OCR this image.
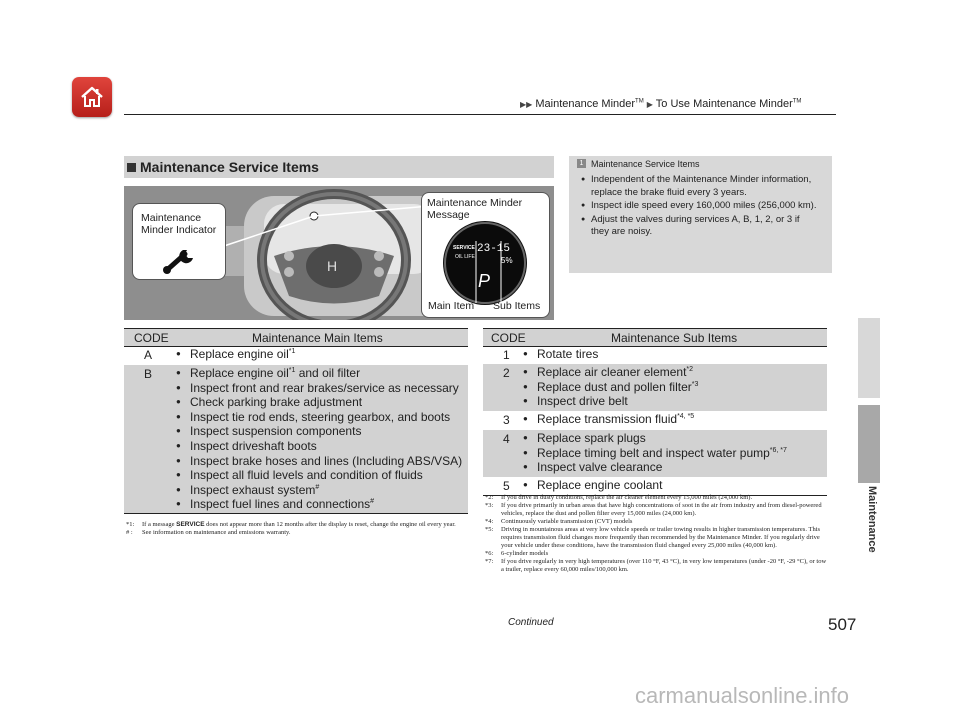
▶▶ Maintenance Minder™ ▶ To Use Maintenance Minder™
Maintenance
Maintenance Service Items
H
Maintenance
Minder Indicator
Maintenance Minder
Message
SERVICE
OIL LIFE
23-15
5%
P
Main Item Sub Items
1 Maintenance Service Items
● Independent of the Maintenance Minder information, replace the brake fluid every 3 years.
● Inspect idle speed every 160,000 miles (256,000 km).
● Adjust the valves during services A, B, 1, 2, or 3 if they are noisy.
CODE	Maintenance Main Items
A	● Replace engine oil$^{*1}$
B	● Replace engine oil$^{*1}$ and oil filter
● Inspect front and rear brakes/service as necessary
● Check parking brake adjustment
● Inspect tie rod ends, steering gearbox, and boots
● Inspect suspension components
● Inspect driveshaft boots
● Inspect brake hoses and lines (Including ABS/VSA)
● Inspect all fluid levels and condition of fluids
● Inspect exhaust system#
● Inspect fuel lines and connections#
*1:	If a message SERVICE does not appear more than 12 months after the display is reset, change the engine oil every year.
# :	See information on maintenance and emissions warranty.
CODE	Maintenance Sub Items
1	● Rotate tires
2	● Replace air cleaner element$^{*2}$
● Replace dust and pollen filter$^{*3}$
● Inspect drive belt
3	● Replace transmission fluid$^{*4, *5}$
4	● Replace spark plugs
● Replace timing belt and inspect water pump$^{*6, *7}$
● Inspect valve clearance
5	● Replace engine coolant
*2:	If you drive in dusty conditions, replace the air cleaner element every 15,000 miles (24,000 km).
*3:	If you drive primarily in urban areas that have high concentrations of soot in the air from industry and from diesel-powered vehicles, replace the dust and pollen filter every 15,000 miles (24,000 km).
*4:	Continuously variable transmission (CVT) models
*5:	Driving in mountainous areas at very low vehicle speeds or trailer towing results in higher transmission temperatures. This requires transmission fluid changes more frequently than recommended by the Maintenance Minder. If you regularly drive your vehicle under these conditions, have the transmission fluid changed every 25,000 miles (40,000 km).
*6:	6-cylinder models
*7:	If you drive regularly in very high temperatures (over 110 °F, 43 °C), in very low temperatures (under -20 °F, -29 °C), or tow a trailer, replace every 60,000 miles/100,000 km.
Continued	507
carmanualsonline.info
